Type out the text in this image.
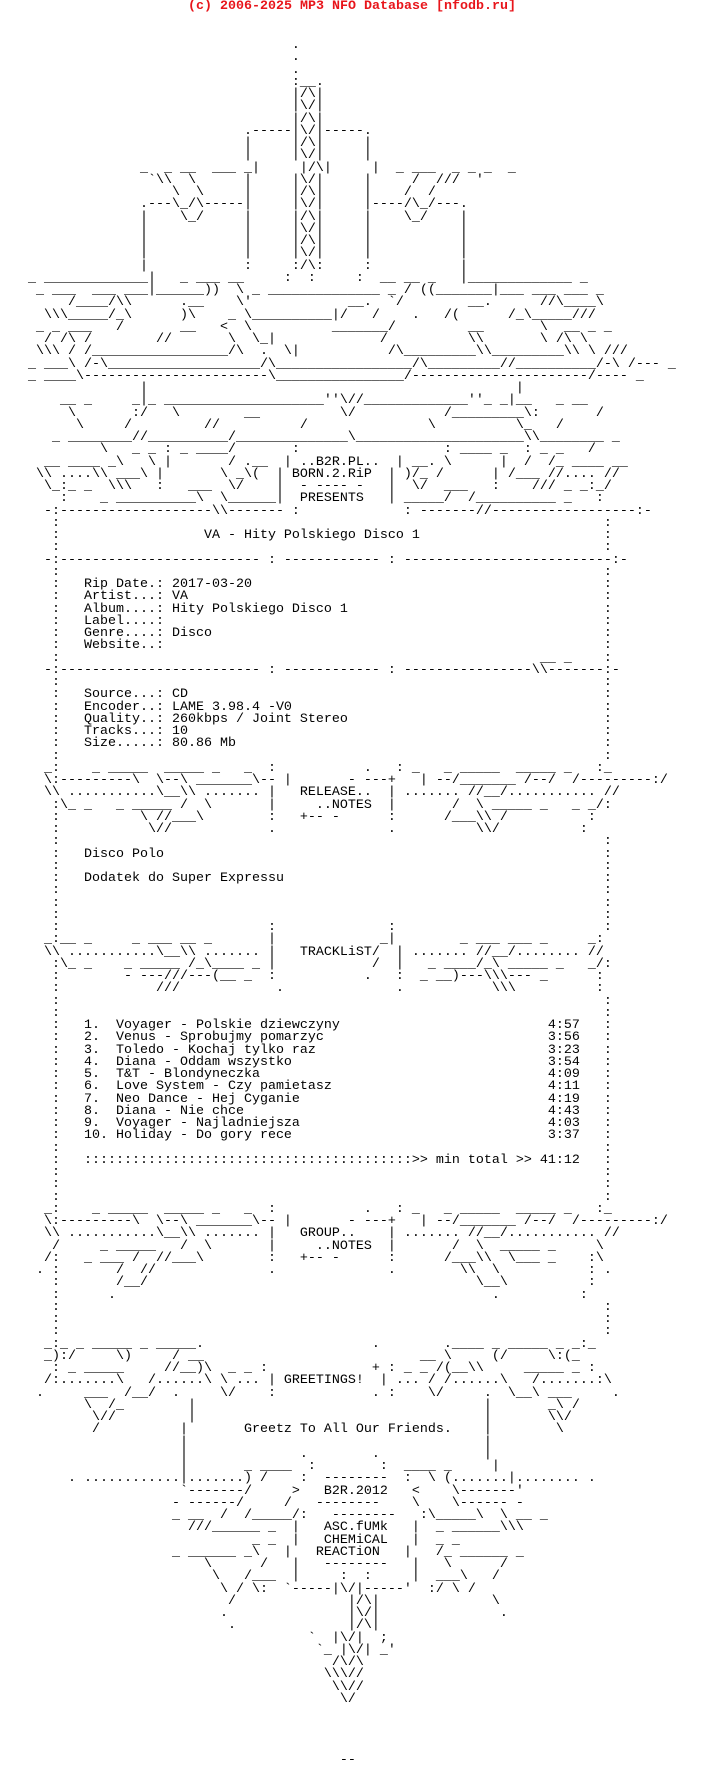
(c) 2006-2025 MP3 NFO Database [nfodb.ru]
.
.
.
:__.
|/\|
|\/|
|/\|
.-----|\/|-----.
|     |/\|     |
|     |\/|     |
_  _ __  ___ _|     |/\|     |  _ ___  _ _ _  _
`\\  \      |     |\/|     |     /  ///  '
\  \     |     |/\|     |    /  /
.---\_/\-----|     |\/|     |----/\_/---.
|    \_/     |     |/\|     |    \_/    |
|            |     |\/|     |           |
|            |     |/\|     |           |
|            |     |\/|     |           |
|            :     :/\:     :           |
_ _____________|   _ ___ __     :  :     :  __ __ _   |_____________ _
_ ___  ___ ___|______))  \ _ ______________ _ / ((_______|___ ___ ___ _
/____/\\      .__    \'            __.  `/        __.      //\____\
\\\_____/_\      )\    _ \__________|/   /    .   /(      /_\_____///
_ _ ___   /       __   <  \          _______/         __       \  __ _ _
/ /\ /        //       \  \_|             /          \\       \ /\ \
\\\ / /_________________/\  .  \|           /\_________\\_________\\ \ ///
_ ___\ /-\___________________/\_________________/\_________//__________/-\ /--- _
_ ____\-----------------------\________________/----------------------/---- _
|                                              |
__ _     _|_ ____________________''\//_____________''_ _|__   _ __
\       :/   \        __          \/           /_________\:       /
\     /         //          /               \          \_   /
_ ________//__________/______________\_____________________\\________ _
\   _ _ : _ ____/       :                  : ____ _  : _ _   /
__ ____ _\   \ |       / .__  | ..B2R.PL..  | __. \      |  /  /_ ____ __
\\ ....\\ ___\ |       \ _\(  | BORN.2.RiP  | )/_ /      | /___ //.... //
\_:_ _  \\\   :   ___  \/    |  - ---- -   |  \/  ___   :    /// _ _:_/
:    _ __________\  \______|  PRESENTS   | _____/  /__________ _   :
-:-------------------\\------- :             : -------//------------------:-
:                                                                    :
:                  VA - Hity Polskiego Disco 1                       :
:                                                                    :
-:------------------------- : ------------ : --------------------------:-
:                                                                    :
:   Rip Date.: 2017-03-20                                            :
:   Artist...: VA                                                    :
:   Album....: Hity Polskiego Disco 1                                :
:   Label....:                                                       :
:   Genre....: Disco                                                 :
:   Website..:                                                       :
:                                                            __ _    :
-:------------------------- : ------------ : ----------------\\-------:-
:                                                                    :
:   Source...: CD                                                    :
:   Encoder..: LAME 3.98.4 -V0                                       :
:   Quality..: 260kbps / Joint Stereo                                :
:   Tracks...: 10                                                    :
:   Size.....: 80.86 Mb                                              :
:                                                                    :
_:    _ _____  _____ _   _  :           .   : _   _ _____  _____ _   :_
\:---------\  \--\ _______\-- |       - ---+   | --/_______ /--/  /---------:/
\\ ...........\__\\ ....... |   RELEASE..  | ....... //__/........... //
:\_ _   _ _____ /  \       |     ..NOTES  |       /  \ _____ _   _ _/:
:          \ //___\        :   +-- -      :      /___\\ /          :
:           \//            .              .          \\/          :
:                                                                    :
:   Disco Polo                                                       :
:                                                                    :
:   Dodatek do Super Expressu                                        :
:                                                                    :
:                                                                    :
:                                                                    :
:                          :              :                          :
_:__ _     _ ___ __ _       |             _|        _ ___ ___ _     _:
\\ ...........\__\\ ....... |   TRACKLiST/  | ....... //__/........ //
:\_ _    _ _____ /_\____ _ |            /  |   _ ____/_\ _____ _   _/:
:        - ---///---(__ _  :           .   :  _ __)---\\\--- _      :
:            ///            .              .           \\\          :
:                                                                    :
:                                                                    :
:   1.  Voyager - Polskie dziewczyny                          4:57   :
:   2.  Venus - Sprobujmy pomarzyc                            3:56   :
:   3.  Toledo - Kochaj tylko raz                             3:23   :
:   4.  Diana - Oddam wszystko                                3:54   :
:   5.  T&T - Blondyneczka                                    4:09   :
:   6.  Love System - Czy pamietasz                           4:11   :
:   7.  Neo Dance - Hej Cyganie                               4:19   :
:   8.  Diana - Nie chce                                      4:43   :
:   9.  Voyager - Najladniejsza                               4:03   :
:   10. Holiday - Do gory rece                                3:37   :
:                                                                    :
:   :::::::::::::::::::::::::::::::::::::::::>> min total >> 41:12   :
:                                                                    :
:                                                                    :
:                                                                    :
_:    _ _____  _____ _   _  :           .   : _   _ _____  _____ _   :_
\:---------\  \--\ _______\-- |       - ---+   | --/_______ /--/  /---------:/
\\ ...........\__\\ ....... |   GROUP..    | ....... //__/........... //
/     _ _____   /  \       |     ..NOTES  |       /  \  _____ _     \
/:   _ ___ /  //___\        :   +-- -      :      /___\\  \___ _    :\
. :       /  //              .              .        \\  \           : .
:       /__/                                         \__\          :
:      .                                               .          :
:                                                                    :
:                                                                    :
:                                                                    :
_:_ _ _____ _ _____.                     .        .____ _ _____ _ _:_
_):/     \)     / __                           __ \     (/     \:(_
: _ _____     //__)\  _ _ :             + : _ _ /(__\\     _____ _ :
/:.......\   /......\ \ ... | GREETINGS!  | ... / /......\   /.......:\
.     ___  /__/  .     \/    :            . :    \/     .  \__\ ___     .
\  /_        |                                    |       _\ /
\//         |                                    |       \\/
/          |       Greetz To All Our Friends.    |        \
|                                     |
|              .        .             |
|       _ ____  :        :  ____ _     |
. ............|.......) /    :  --------  :  \ (.......|........ .
`-------/     >   B2R.2012   <    \-------'
- ------/     /   --------    \    \------ -
_ __  /  /_____/:   --------   :\_____\  \ __ _
///______ _  |   ASC.fUMk   |  _ ______\\\
_ _  |   CHEMiCAL   |  _ _
_ ______ _\   |   REACTiON   |   /_ ______ _
\      /   |   --------   |   \      /
\   /___  |     :  :     |  ___\   /
\ / \:  `-----|\/|-----'  :/ \ /
/              |/\|              \
.               |\/|               .
.              |/\|
`  |\/|  ;
`_ |\/| _'
/\/\
\\\//
\\//
\/
--
